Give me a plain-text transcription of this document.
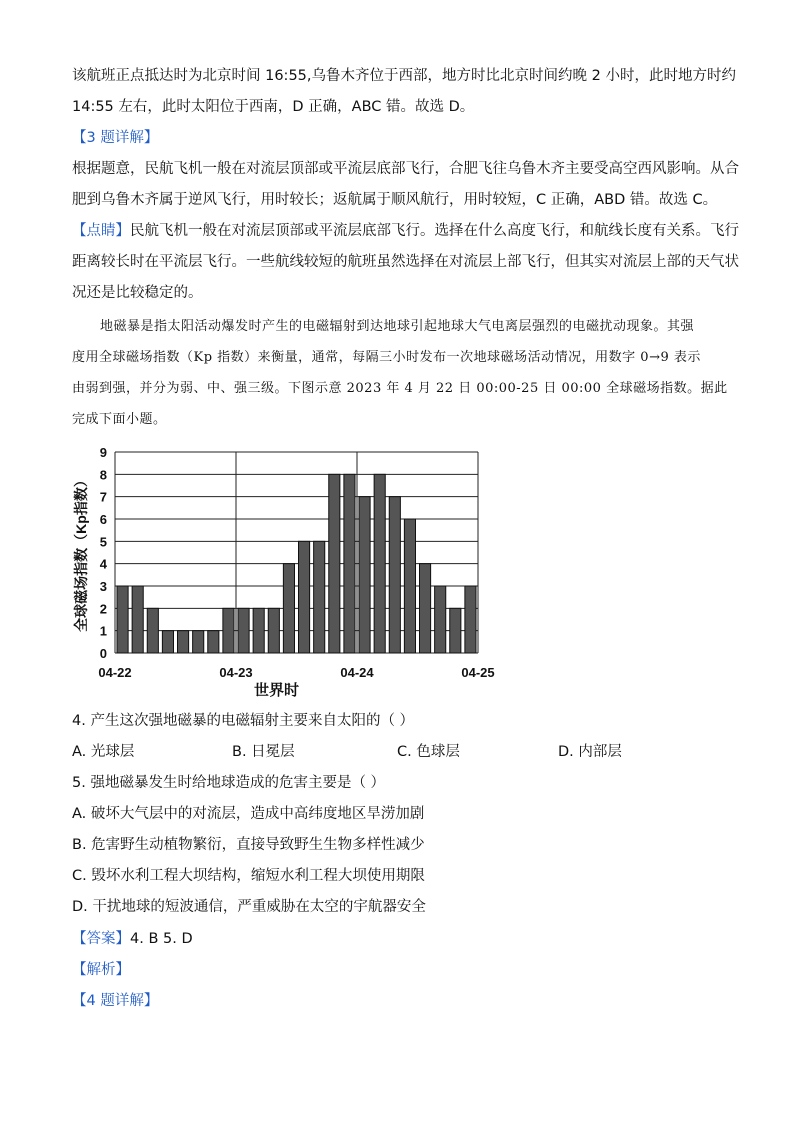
该航班正点抵达时为北京时间 16:55,乌鲁木齐位于西部，地方时比北京时间约晚 2 小时，此时地方时约
14:55 左右，此时太阳位于西南，D 正确，ABC 错。故选 D。
【3 题详解】
根据题意，民航飞机一般在对流层顶部或平流层底部飞行，合肥飞往乌鲁木齐主要受高空西风影响。从合
肥到乌鲁木齐属于逆风飞行，用时较长；返航属于顺风航行，用时较短，C 正确，ABD 错。故选 C。
【点睛】民航飞机一般在对流层顶部或平流层底部飞行。选择在什么高度飞行，和航线长度有关系。飞行
距离较长时在平流层飞行。一些航线较短的航班虽然选择在对流层上部飞行，但其实对流层上部的天气状
况还是比较稳定的。
地磁暴是指太阳活动爆发时产生的电磁辐射到达地球引起地球大气电离层强烈的电磁扰动现象。其强
度用全球磁场指数（Kp 指数）来衡量，通常，每隔三小时发布一次地球磁场活动情况，用数字 0→9 表示
由弱到强，并分为弱、中、强三级。下图示意 2023 年 4 月 22 日 00:00-25 日 00:00 全球磁场指数。据此
完成下面小题。
0
1
2
3
4
5
6
7
8
9
04-22	04-23	04-24	04-25
世界时
全球磁场指数（Kp指数）
4. 产生这次强地磁暴的电磁辐射主要来自太阳的（ ）
A. 光球层	B. 日冕层	C. 色球层	D. 内部层
5. 强地磁暴发生时给地球造成的危害主要是（ ）
A. 破坏大气层中的对流层，造成中高纬度地区旱涝加剧
B. 危害野生动植物繁衍，直接导致野生生物多样性减少
C. 毁坏水利工程大坝结构，缩短水利工程大坝使用期限
D. 干扰地球的短波通信，严重威胁在太空的宇航器安全
【答案】4. B 5. D
【解析】
【4 题详解】
